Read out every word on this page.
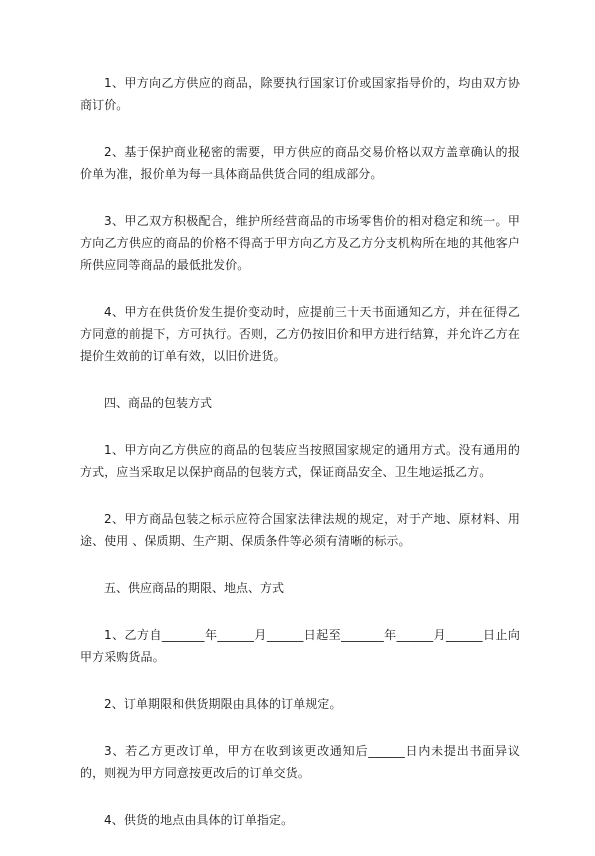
1、甲方向乙方供应的商品，除要执行国家订价或国家指导价的，均由双方协商订价。

2、基于保护商业秘密的需要，甲方供应的商品交易价格以双方盖章确认的报价单为准，报价单为每一具体商品供货合同的组成部分。

3、甲乙双方积极配合，维护所经营商品的市场零售价的相对稳定和统一。甲方向乙方供应的商品的价格不得高于甲方向乙方及乙方分支机构所在地的其他客户所供应同等商品的最低批发价。

4、甲方在供货价发生提价变动时，应提前三十天书面通知乙方，并在征得乙方同意的前提下，方可执行。否则，乙方仍按旧价和甲方进行结算，并允许乙方在提价生效前的订单有效，以旧价进货。

四、商品的包装方式

1、甲方向乙方供应的商品的包装应当按照国家规定的通用方式。没有通用的方式，应当采取足以保护商品的包装方式，保证商品安全、卫生地运抵乙方。

2、甲方商品包装之标示应符合国家法律法规的规定，对于产地、原材料、用途、使用 、保质期、生产期、保质条件等必须有清晰的标示。

五、供应商品的期限、地点、方式

1、乙方自_______年______月______日起至_______年______月______日止向甲方采购货品。

2、订单期限和供货期限由具体的订单规定。

3、若乙方更改订单，甲方在收到该更改通知后______日内未提出书面异议的，则视为甲方同意按更改后的订单交货。

4、供货的地点由具体的订单指定。
